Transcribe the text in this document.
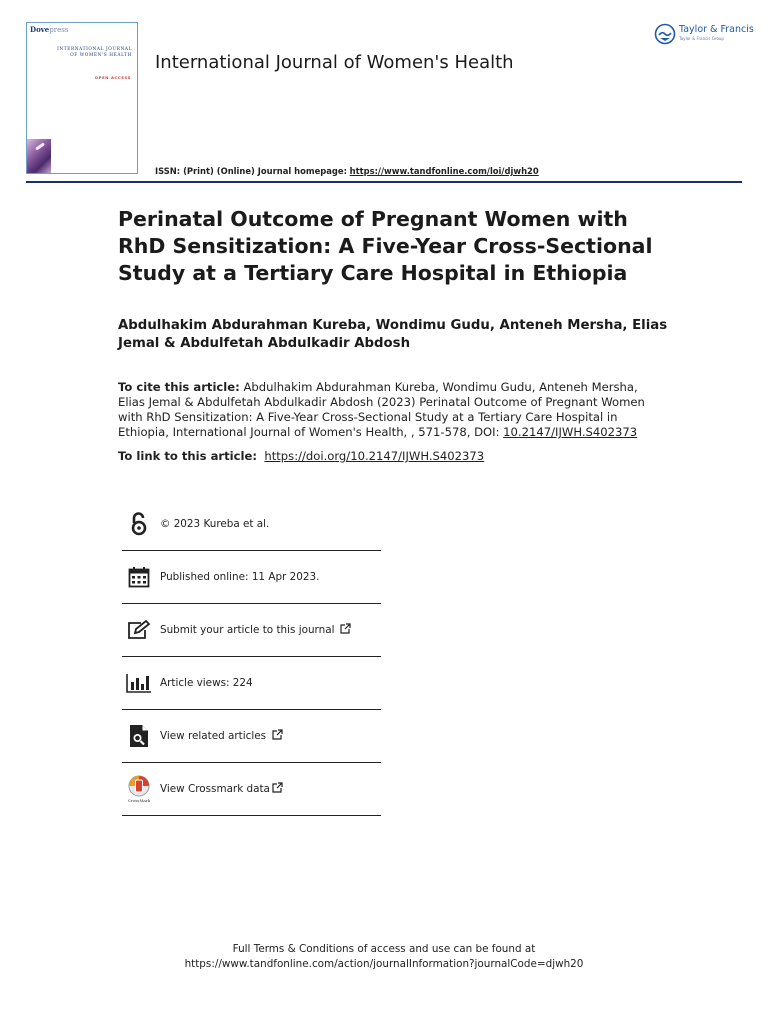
Dovepress
INTERNATIONAL JOURNAL
OF WOMEN'S HEALTH
OPEN ACCESS
International Journal of Women's Health
ISSN: (Print) (Online) Journal homepage: https://www.tandfonline.com/loi/djwh20
Taylor & Francis
Taylor & Francis Group
Perinatal Outcome of Pregnant Women with RhD Sensitization: A Five-Year Cross-Sectional Study at a Tertiary Care Hospital in Ethiopia
Abdulhakim Abdurahman Kureba, Wondimu Gudu, Anteneh Mersha, Elias Jemal & Abdulfetah Abdulkadir Abdosh
To cite this article: Abdulhakim Abdurahman Kureba, Wondimu Gudu, Anteneh Mersha, Elias Jemal & Abdulfetah Abdulkadir Abdosh (2023) Perinatal Outcome of Pregnant Women with RhD Sensitization: A Five-Year Cross-Sectional Study at a Tertiary Care Hospital in Ethiopia, International Journal of Women's Health, , 571-578, DOI: 10.2147/IJWH.S402373
To link to this article: https://doi.org/10.2147/IJWH.S402373
© 2023 Kureba et al.
Published online: 11 Apr 2023.
Submit your article to this journal
Article views: 224
View related articles
CrossMark
View Crossmark data
Full Terms & Conditions of access and use can be found at
https://www.tandfonline.com/action/journalInformation?journalCode=djwh20
